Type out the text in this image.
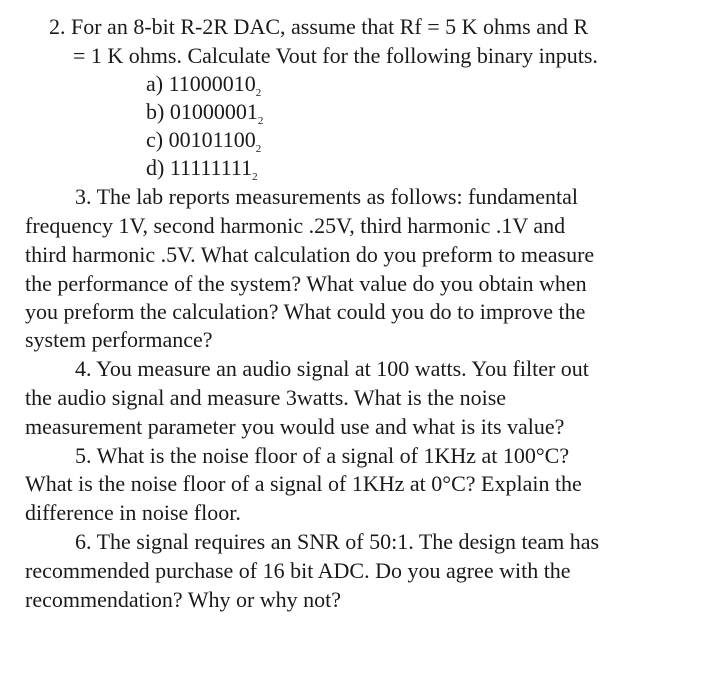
2. For an 8-bit R-2R DAC, assume that Rf = 5 K ohms and R
= 1 K ohms. Calculate Vout for the following binary inputs.
a) $11000010_2$
b) $01000001_2$
c) $00101100_2$
d) $11111111_2$
3. The lab reports measurements as follows: fundamental
frequency 1V, second harmonic .25V, third harmonic .1V and
third harmonic .5V. What calculation do you preform to measure
the performance of the system? What value do you obtain when
you preform the calculation? What could you do to improve the
system performance?
4. You measure an audio signal at 100 watts. You filter out
the audio signal and measure 3watts. What is the noise
measurement parameter you would use and what is its value?
5. What is the noise floor of a signal of 1KHz at 100°C?
What is the noise floor of a signal of 1KHz at 0°C? Explain the
difference in noise floor.
6. The signal requires an SNR of 50:1. The design team has
recommended purchase of 16 bit ADC. Do you agree with the
recommendation? Why or why not?
